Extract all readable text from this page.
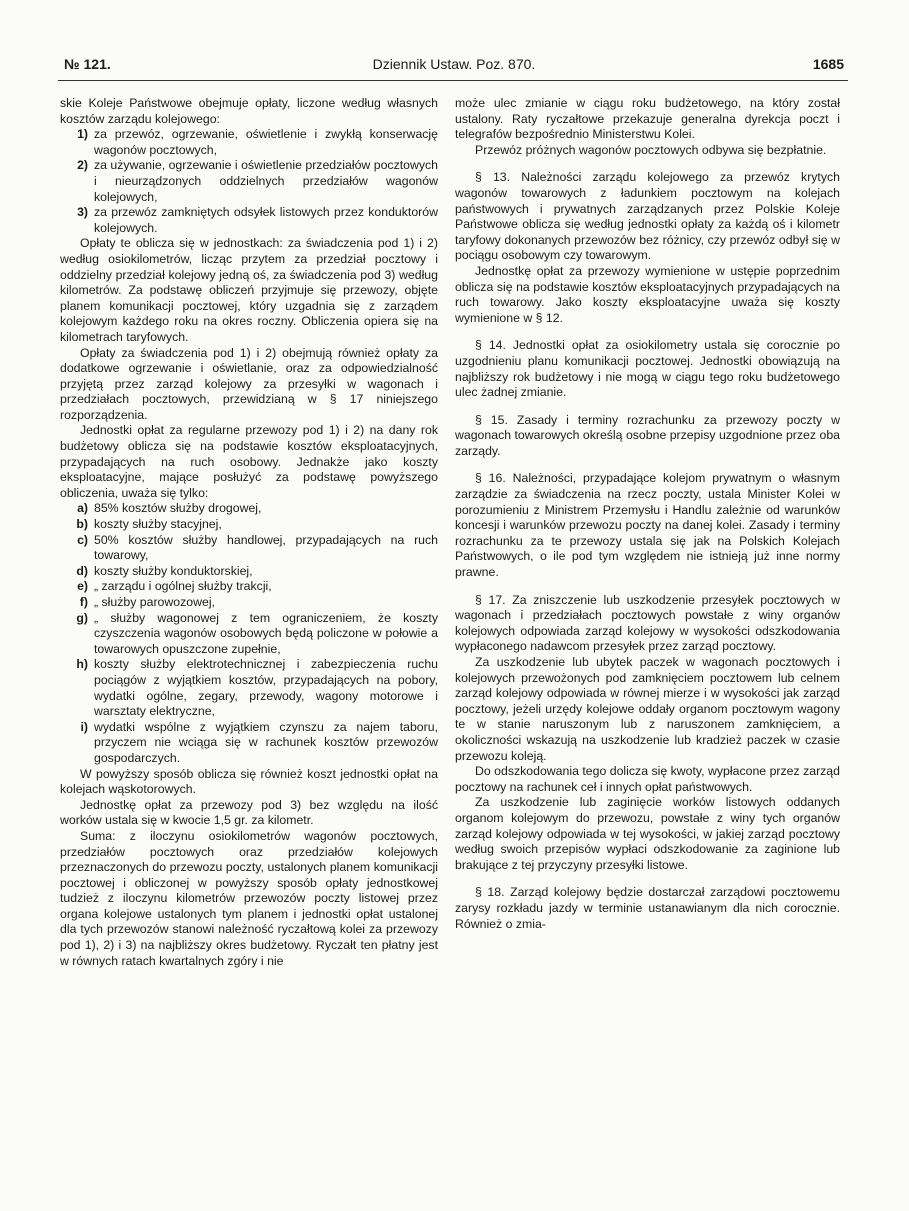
№ 121.	Dziennik Ustaw. Poz. 870.	1685

skie Koleje Państwowe obejmuje opłaty, liczone według własnych kosztów zarządu kolejowego:

1) za przewóz, ogrzewanie, oświetlenie i zwykłą konserwację wagonów pocztowych,
2) za używanie, ogrzewanie i oświetlenie przedziałów pocztowych i nieurządzonych oddzielnych przedziałów wagonów kolejowych,
3) za przewóz zamkniętych odsyłek listowych przez konduktorów kolejowych.

Opłaty te oblicza się w jednostkach: za świadczenia pod 1) i 2) według osiokilometrów, licząc przytem za przedział pocztowy i oddzielny przedział kolejowy jedną oś, za świadczenia pod 3) według kilometrów. Za podstawę obliczeń przyjmuje się przewozy, objęte planem komunikacji pocztowej, który uzgadnia się z zarządem kolejowym każdego roku na okres roczny. Obliczenia opiera się na kilometrach taryfowych.

Opłaty za świadczenia pod 1) i 2) obejmują również opłaty za dodatkowe ogrzewanie i oświetlanie, oraz za odpowiedzialność przyjętą przez zarząd kolejowy za przesyłki w wagonach i przedziałach pocztowych, przewidzianą w § 17 niniejszego rozporządzenia.

Jednostki opłat za regularne przewozy pod 1) i 2) na dany rok budżetowy oblicza się na podstawie kosztów eksploatacyjnych, przypadających na ruch osobowy. Jednakże jako koszty eksploatacyjne, mające posłużyć za podstawę powyższego obliczenia, uważa się tylko:

a) 85% kosztów służby drogowej,
b) koszty służby stacyjnej,
c) 50% kosztów służby handlowej, przypadających na ruch towarowy,
d) koszty służby konduktorskiej,
e) „ zarządu i ogólnej służby trakcji,
f) „ służby parowozowej,
g) „ służby wagonowej z tem ograniczeniem, że koszty czyszczenia wagonów osobowych będą policzone w połowie a towarowych opuszczone zupełnie,
h) koszty służby elektrotechnicznej i zabezpieczenia ruchu pociągów z wyjątkiem kosztów, przypadających na pobory, wydatki ogólne, zegary, przewody, wagony motorowe i warsztaty elektryczne,
i) wydatki wspólne z wyjątkiem czynszu za najem taboru, przyczem nie wciąga się w rachunek kosztów przewozów gospodarczych.

W powyższy sposób oblicza się również koszt jednostki opłat na kolejach wąskotorowych.

Jednostkę opłat za przewozy pod 3) bez względu na ilość worków ustala się w kwocie 1,5 gr. za kilometr.

Suma: z iloczynu osiokilometrów wagonów pocztowych, przedziałów pocztowych oraz przedziałów kolejowych przeznaczonych do przewozu poczty, ustalonych planem komunikacji pocztowej i obliczonej w powyższy sposób opłaty jednostkowej tudzież z iloczynu kilometrów przewozów poczty listowej przez organa kolejowe ustalonych tym planem i jednostki opłat ustalonej dla tych przewozów stanowi należność ryczałtową kolei za przewozy pod 1), 2) i 3) na najbliższy okres budżetowy. Ryczałt ten płatny jest w równych ratach kwartalnych zgóry i nie

może ulec zmianie w ciągu roku budżetowego, na który został ustalony. Raty ryczałtowe przekazuje generalna dyrekcja poczt i telegrafów bezpośrednio Ministerstwu Kolei.

Przewóz próżnych wagonów pocztowych odbywa się bezpłatnie.

§ 13. Należności zarządu kolejowego za przewóz krytych wagonów towarowych z ładunkiem pocztowym na kolejach państwowych i prywatnych zarządzanych przez Polskie Koleje Państwowe oblicza się według jednostki opłaty za każdą oś i kilometr taryfowy dokonanych przewozów bez różnicy, czy przewóz odbył się w pociągu osobowym czy towarowym.

Jednostkę opłat za przewozy wymienione w ustępie poprzednim oblicza się na podstawie kosztów eksploatacyjnych przypadających na ruch towarowy. Jako koszty eksploatacyjne uważa się koszty wymienione w § 12.

§ 14. Jednostki opłat za osiokilometry ustala się corocznie po uzgodnieniu planu komunikacji pocztowej. Jednostki obowiązują na najbliższy rok budżetowy i nie mogą w ciągu tego roku budżetowego ulec żadnej zmianie.

§ 15. Zasady i terminy rozrachunku za przewozy poczty w wagonach towarowych określą osobne przepisy uzgodnione przez oba zarządy.

§ 16. Należności, przypadające kolejom prywatnym o własnym zarządzie za świadczenia na rzecz poczty, ustala Minister Kolei w porozumieniu z Ministrem Przemysłu i Handlu zależnie od warunków koncesji i warunków przewozu poczty na danej kolei. Zasady i terminy rozrachunku za te przewozy ustala się jak na Polskich Kolejach Państwowych, o ile pod tym względem nie istnieją już inne normy prawne.

§ 17. Za zniszczenie lub uszkodzenie przesyłek pocztowych w wagonach i przedziałach pocztowych powstałe z winy organów kolejowych odpowiada zarząd kolejowy w wysokości odszkodowania wypłaconego nadawcom przesyłek przez zarząd pocztowy.

Za uszkodzenie lub ubytek paczek w wagonach pocztowych i kolejowych przewożonych pod zamknięciem pocztowem lub celnem zarząd kolejowy odpowiada w równej mierze i w wysokości jak zarząd pocztowy, jeżeli urzędy kolejowe oddały organom pocztowym wagony te w stanie naruszonym lub z naruszonem zamknięciem, a okoliczności wskazują na uszkodzenie lub kradzież paczek w czasie przewozu koleją.

Do odszkodowania tego dolicza się kwoty, wypłacone przez zarząd pocztowy na rachunek ceł i innych opłat państwowych.

Za uszkodzenie lub zaginięcie worków listowych oddanych organom kolejowym do przewozu, powstałe z winy tych organów zarząd kolejowy odpowiada w tej wysokości, w jakiej zarząd pocztowy według swoich przepisów wypłaci odszkodowanie za zaginione lub brakujące z tej przyczyny przesyłki listowe.

§ 18. Zarząd kolejowy będzie dostarczał zarządowi pocztowemu zarysy rozkładu jazdy w terminie ustanawianym dla nich corocznie. Również o zmia-
